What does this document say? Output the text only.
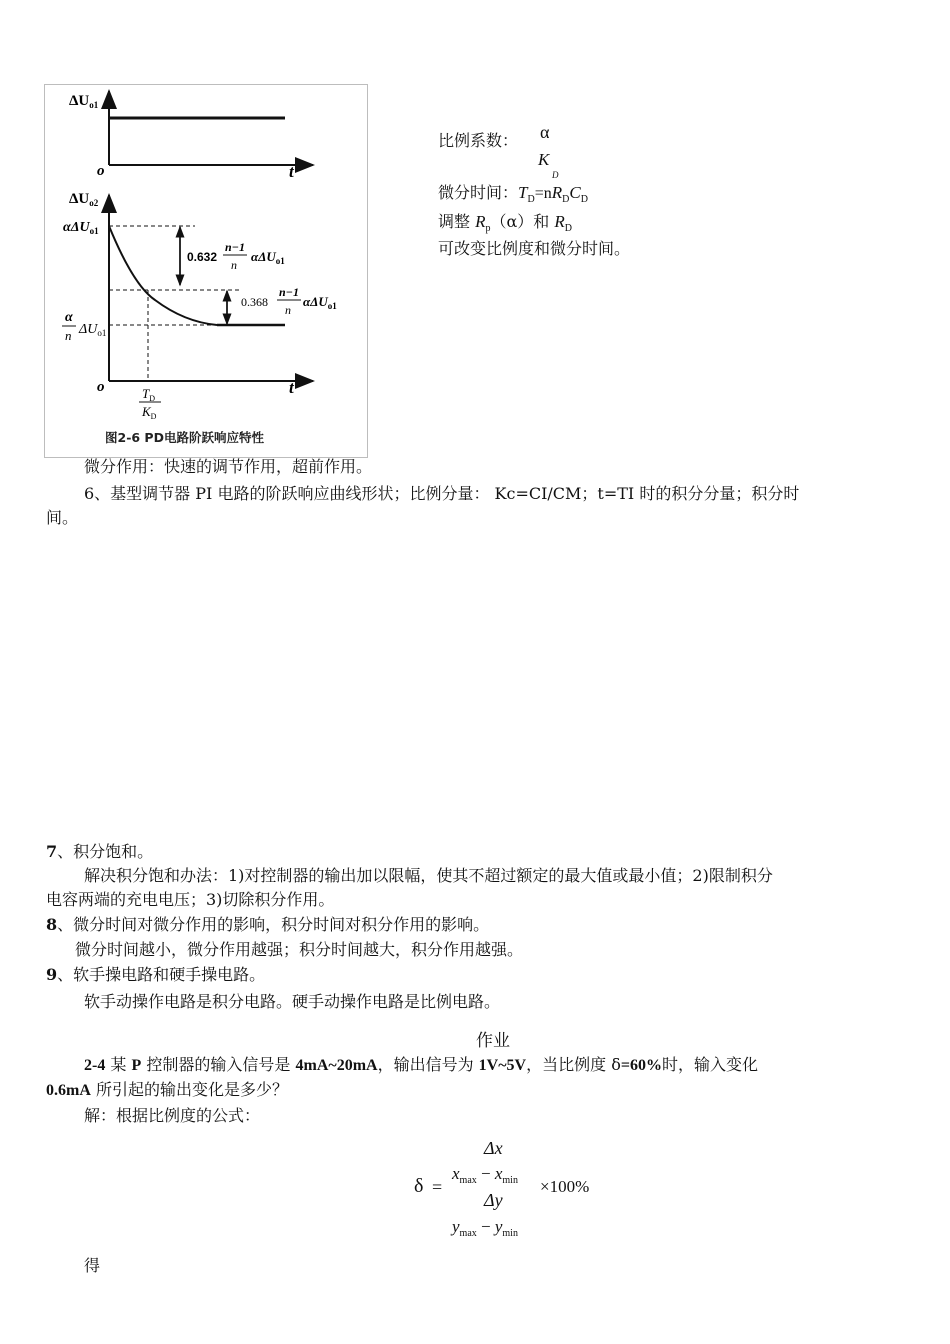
$\Delta U_{o1}$
o	t
$\Delta U_{o2}$
o	t
αΔU$_{o1}$
α
n $\Delta U_{o1}$
0.632
n−1
n
αΔU$_{o1}$
0.368
n−1
n
αΔU$_{o1}$
$T_D$
$K_D$
图2-6 PD电路阶跃响应特性
比例系数： α
K
D
微分时间：$T_D=nR_DC_D$
调整 $R_p(\alpha)$和 $R_D$
可改变比例度和微分时间。
微分作用：快速的调节作用，超前作用。
6、基型调节器 PI 电路的阶跃响应曲线形状；比例分量： Kc=CI/CM；t=TI 时的积分分量；积分时
间。
7、积分饱和。
解决积分饱和办法：1)对控制器的输出加以限幅，使其不超过额定的最大值或最小值；2)限制积分
电容两端的充电电压；3)切除积分作用。
8、微分时间对微分作用的影响，积分时间对积分作用的影响。
微分时间越小，微分作用越强；积分时间越大，积分作用越强。
9、软手操电路和硬手操电路。
软手动操作电路是积分电路。硬手动操作电路是比例电路。
作业
2-4 某 P 控制器的输入信号是 4mA~20mA，输出信号为 1V~5V，当比例度 δ=60%时，输入变化
0.6mA 所引起的输出变化是多少？
解：根据比例度的公式：
Δx
δ =
$x_{max} - x_{min} \times 100\%$
Δy
$y_{max} - y_{min}$
得
